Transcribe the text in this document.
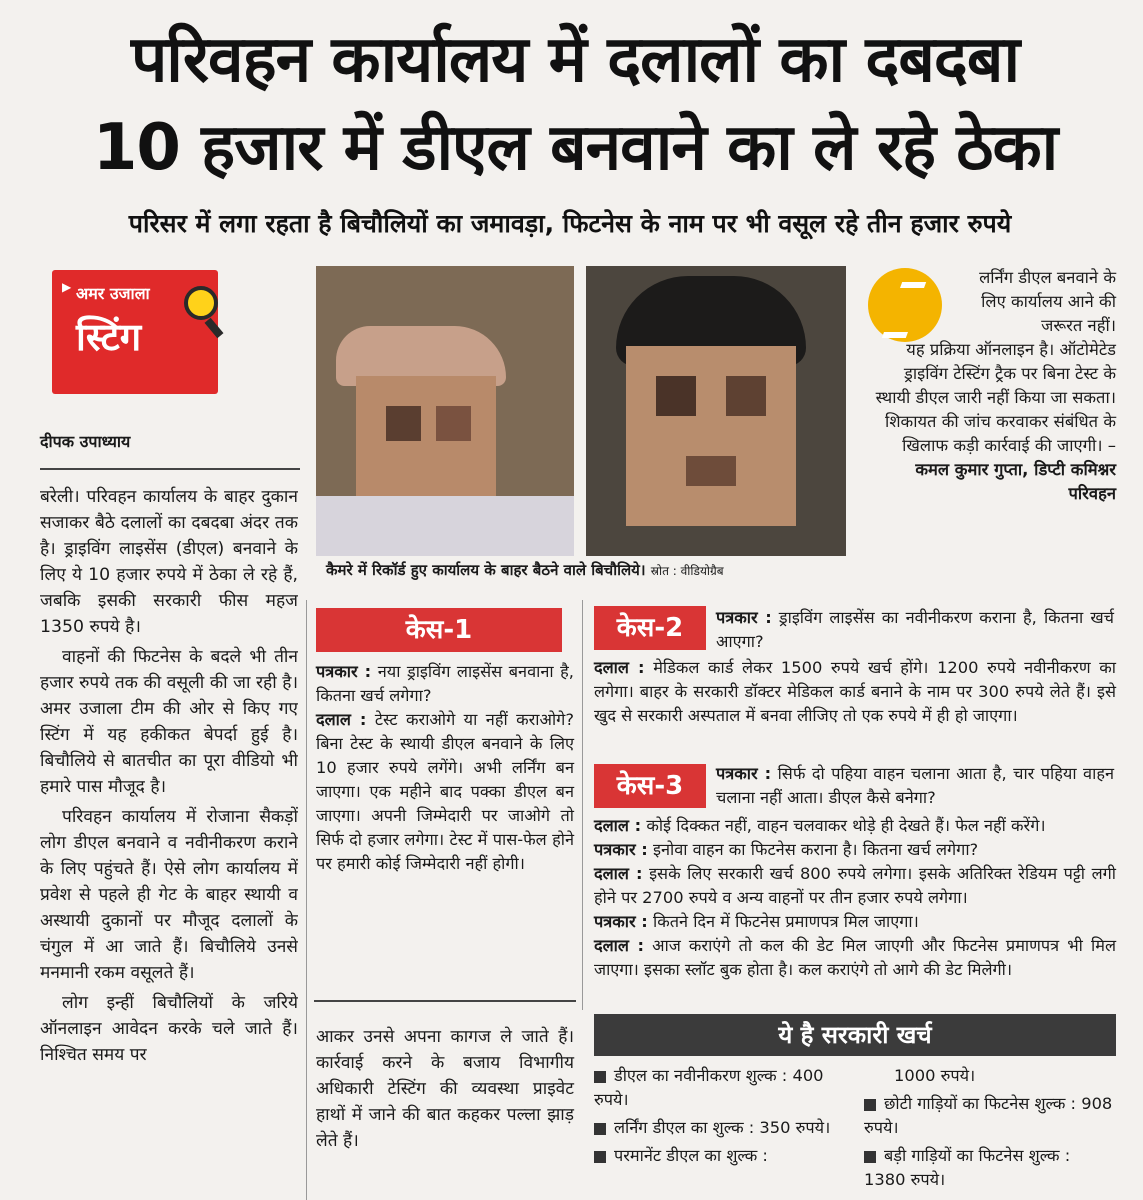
परिवहन कार्यालय में दलालों का दबदबा
10 हजार में डीएल बनवाने का ले रहे ठेका
परिसर में लगा रहता है बिचौलियों का जमावड़ा, फिटनेस के नाम पर भी वसूल रहे तीन हजार रुपये
▶ अमर उजाला
स्टिंग
दीपक उपाध्याय

बरेली। परिवहन कार्यालय के बाहर दुकान सजाकर बैठे दलालों का दबदबा अंदर तक है। ड्राइविंग लाइसेंस (डीएल) बनवाने के लिए ये 10 हजार रुपये में ठेका ले रहे हैं, जबकि इसकी सरकारी फीस महज 1350 रुपये है।

वाहनों की फिटनेस के बदले भी तीन हजार रुपये तक की वसूली की जा रही है। अमर उजाला टीम की ओर से किए गए स्टिंग में यह हकीकत बेपर्दा हुई है। बिचौलिये से बातचीत का पूरा वीडियो भी हमारे पास मौजूद है।

परिवहन कार्यालय में रोजाना सैकड़ों लोग डीएल बनवाने व नवीनीकरण कराने के लिए पहुंचते हैं। ऐसे लोग कार्यालय में प्रवेश से पहले ही गेट के बाहर स्थायी व अस्थायी दुकानों पर मौजूद दलालों के चंगुल में आ जाते हैं। बिचौलिये उनसे मनमानी रकम वसूलते हैं।

लोग इन्हीं बिचौलियों के जरिये ऑनलाइन आवेदन करके चले जाते हैं। निश्चित समय पर

कैमरे में रिकॉर्ड हुए कार्यालय के बाहर बैठने वाले बिचौलिये। स्रोत : वीडियोग्रैब
लर्निंग डीएल बनवाने के लिए कार्यालय आने की जरूरत नहीं।
यह प्रक्रिया ऑनलाइन है। ऑटोमेटेड ड्राइविंग टेस्टिंग ट्रैक पर बिना टेस्ट के स्थायी डीएल जारी नहीं किया जा सकता। शिकायत की जांच करवाकर संबंधित के खिलाफ कड़ी कार्रवाई की जाएगी। –
कमल कुमार गुप्ता, डिप्टी कमिश्नर परिवहन
केस-1
पत्रकार : नया ड्राइविंग लाइसेंस बनवाना है, कितना खर्च लगेगा?
दलाल : टेस्ट कराओगे या नहीं कराओगे? बिना टेस्ट के स्थायी डीएल बनवाने के लिए 10 हजार रुपये लगेंगे। अभी लर्निंग बन जाएगा। एक महीने बाद पक्का डीएल बन जाएगा। अपनी जिम्मेदारी पर जाओगे तो सिर्फ दो हजार लगेगा। टेस्ट में पास-फेल होने पर हमारी कोई जिम्मेदारी नहीं होगी।

आकर उनसे अपना कागज ले जाते हैं। कार्रवाई करने के बजाय विभागीय अधिकारी टेस्टिंग की व्यवस्था प्राइवेट हाथों में जाने की बात कहकर पल्ला झाड़ लेते हैं।

केस-2	पत्रकार : ड्राइविंग लाइसेंस का नवीनीकरण कराना है, कितना खर्च आएगा?
दलाल : मेडिकल कार्ड लेकर 1500 रुपये खर्च होंगे। 1200 रुपये नवीनीकरण का लगेगा। बाहर के सरकारी डॉक्टर मेडिकल कार्ड बनाने के नाम पर 300 रुपये लेते हैं। इसे खुद से सरकारी अस्पताल में बनवा लीजिए तो एक रुपये में ही हो जाएगा।
केस-3	पत्रकार : सिर्फ दो पहिया वाहन चलाना आता है, चार पहिया वाहन चलाना नहीं आता। डीएल कैसे बनेगा?
दलाल : कोई दिक्कत नहीं, वाहन चलवाकर थोड़े ही देखते हैं। फेल नहीं करेंगे।
पत्रकार : इनोवा वाहन का फिटनेस कराना है। कितना खर्च लगेगा?
दलाल : इसके लिए सरकारी खर्च 800 रुपये लगेगा। इसके अतिरिक्त रेडियम पट्टी लगी होने पर 2700 रुपये व अन्य वाहनों पर तीन हजार रुपये लगेगा।
पत्रकार : कितने दिन में फिटनेस प्रमाणपत्र मिल जाएगा।
दलाल : आज कराएंगे तो कल की डेट मिल जाएगी और फिटनेस प्रमाणपत्र भी मिल जाएगा। इसका स्लॉट बुक होता है। कल कराएंगे तो आगे की डेट मिलेगी।
ये है सरकारी खर्च
डीएल का नवीनीकरण शुल्क : 400 रुपये।
लर्निंग डीएल का शुल्क : 350 रुपये।
परमानेंट डीएल का शुल्क :
1000 रुपये।
छोटी गाड़ियों का फिटनेस शुल्क : 908 रुपये।
बड़ी गाड़ियों का फिटनेस शुल्क : 1380 रुपये।
